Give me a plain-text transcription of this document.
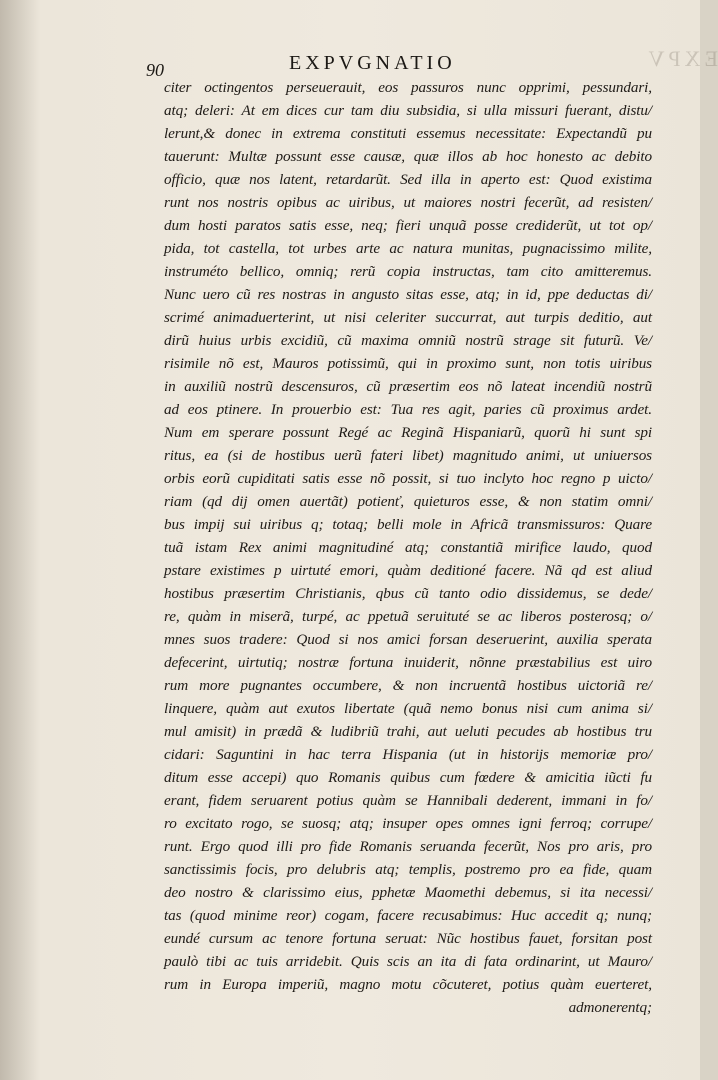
EXPV
90	EXPVGNATIO
citer octingentos perseuerauit, eos passuros nunc opprimi, pessundari,
atq; deleri: At em dices cur tam diu subsidia, si ulla missuri fuerant, distu/
lerunt,& donec in extrema constituti essemus necessitate: Expectandũ pu
tauerunt: Multæ possunt esse causæ, quæ illos ab hoc honesto ac debito
officio, quæ nos latent, retardarũt. Sed illa in aperto est: Quod existima
runt nos nostris opibus ac uiribus, ut maiores nostri fecerũt, ad resisten/
dum hosti paratos satis esse, neq; fieri unquã posse crediderũt, ut tot op/
pida, tot castella, tot urbes arte ac natura munitas, pugnacissimo milite,
instruméto bellico, omniq; rerũ copia instructas, tam cito amitteremus.
Nunc uero cũ res nostras in angusto sitas esse, atq; in id, ppe deductas di/
scrimé animaduerterint, ut nisi celeriter succurrat, aut turpis deditio, aut
dirũ huius urbis excidiũ, cũ maxima omniũ nostrũ strage sit futurũ. Ve/
risimile nõ est, Mauros potissimũ, qui in proximo sunt, non totis uiribus
in auxiliũ nostrũ descensuros, cũ præsertim eos nõ lateat incendiũ nostrũ
ad eos ptinere. In prouerbio est: Tua res agit, paries cũ proximus ardet.
Num em sperare possunt Regé ac Reginã Hispaniarũ, quorũ hi sunt spi
ritus, ea (si de hostibus uerũ fateri libet) magnitudo animi, ut uniuersos
orbis eorũ cupiditati satis esse nõ possit, si tuo inclyto hoc regno p uicto/
riam (qd dij omen auertãt) potienť, quieturos esse, & non statim omni/
bus impij sui uiribus q; totaq; belli mole in Africã transmissuros: Quare
tuã istam Rex animi magnitudiné atq; constantiã mirifice laudo, quod
pstare existimes p uirtuté emori, quàm deditioné facere. Nã qd est aliud
hostibus præsertim Christianis, qbus cũ tanto odio dissidemus, se dede/
re, quàm in miserã, turpé, ac ppetuã seruituté se ac liberos posterosq; o/
mnes suos tradere: Quod si nos amici forsan deseruerint, auxilia sperata
defecerint, uirtutiq; nostræ fortuna inuiderit, nõnne præstabilius est uiro
rum more pugnantes occumbere, & non incruentã hostibus uictoriã re/
linquere, quàm aut exutos libertate (quã nemo bonus nisi cum anima si/
mul amisit) in prædã & ludibriũ trahi, aut ueluti pecudes ab hostibus tru
cidari: Saguntini in hac terra Hispania (ut in historijs memoriæ pro/
ditum esse accepi) quo Romanis quibus cum fœdere & amicitia iũcti fu
erant, fidem seruarent potius quàm se Hannibali dederent, immani in fo/
ro excitato rogo, se suosq; atq; insuper opes omnes igni ferroq; corrupe/
runt. Ergo quod illi pro fide Romanis seruanda fecerũt, Nos pro aris, pro
sanctissimis focis, pro delubris atq; templis, postremo pro ea fide, quam
deo nostro & clarissimo eius, pphetæ Maomethi debemus, si ita necessi/
tas (quod minime reor) cogaт, facere recusabimus: Huc accedit q; nunq;
eundé cursum ac tenore fortuna seruat: Nũc hostibus fauet, forsitan post
paulò tibi ac tuis arridebit. Quis scis an ita di fata ordinarint, ut Mauro/
rum in Europa imperiũ, magno motu cõcuteret, potius quàm euerteret,
admonerentq;
